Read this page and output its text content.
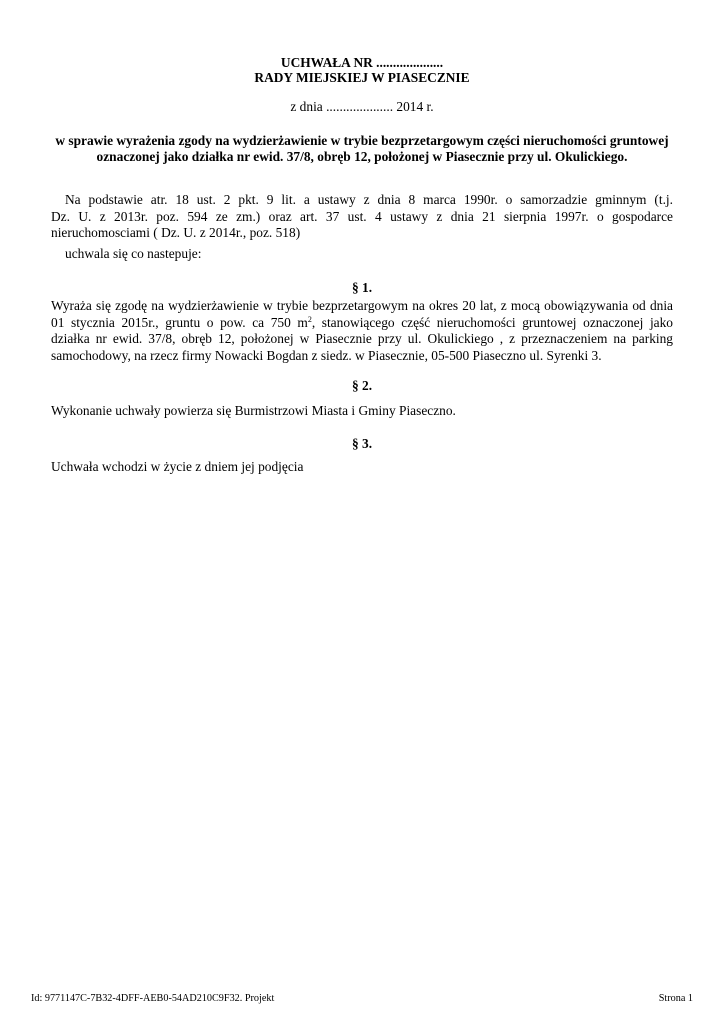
UCHWAŁA NR ....................
RADY MIEJSKIEJ W PIASECZNIE
z dnia .................... 2014 r.
w sprawie wyrażenia zgody na wydzierżawienie w trybie bezprzetargowym części nieruchomości gruntowej
oznaczonej jako działka nr ewid. 37/8, obręb 12, położonej w Piasecznie przy ul. Okulickiego.
Na podstawie atr. 18 ust. 2 pkt. 9 lit. a ustawy z dnia 8 marca 1990r. o samorzadzie gminnym (t.j.
Dz. U. z 2013r. poz. 594 ze zm.) oraz art. 37 ust. 4 ustawy z dnia 21 sierpnia 1997r. o gospodarce
nieruchomosciami ( Dz. U. z 2014r., poz. 518)
uchwala się co nastepuje:
§ 1.
Wyraża się zgodę na wydzierżawienie w trybie bezprzetargowym na okres 20 lat, z mocą obowiązywania od dnia
01 stycznia 2015r., gruntu o pow. ca 750 $m^2$, stanowiącego część nieruchomości gruntowej oznaczonej jako
działka nr ewid. 37/8, obręb 12, położonej w Piasecznie przy ul. Okulickiego , z przeznaczeniem na parking
samochodowy, na rzecz firmy Nowacki Bogdan z siedz. w Piasecznie, 05-500 Piaseczno ul. Syrenki 3.
§ 2.
Wykonanie uchwały powierza się Burmistrzowi Miasta i Gminy Piaseczno.
§ 3.
Uchwała wchodzi w życie z dniem jej podjęcia
Id: 9771147C-7B32-4DFF-AEB0-54AD210C9F32. Projekt	Strona 1
